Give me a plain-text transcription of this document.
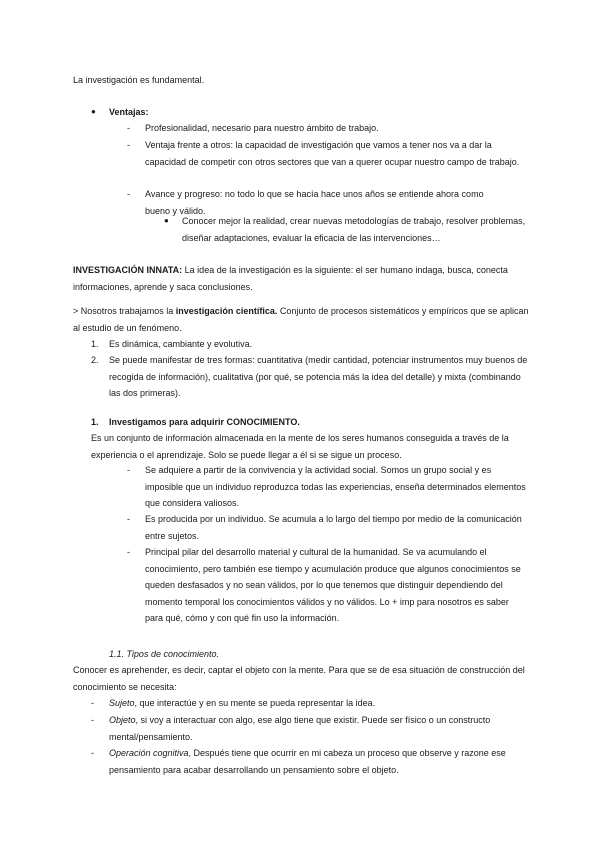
La investigación es fundamental.

● Ventajas:

- Profesionalidad, necesario para nuestro ámbito de trabajo.

- Ventaja frente a otros: la capacidad de investigación que vamos a tener nos va a dar la capacidad de competir con otros sectores que van a querer ocupar nuestro campo de trabajo.

- Avance y progreso: no todo lo que se hacía hace unos años se entiende ahora como bueno y válido.

● Conocer mejor la realidad, crear nuevas metodologías de trabajo, resolver problemas, diseñar adaptaciones, evaluar la eficacia de las intervenciones…

INVESTIGACIÓN INNATA: La idea de la investigación es la siguiente: el ser humano indaga, busca, conecta informaciones, aprende y saca conclusiones.

> Nosotros trabajamos la investigación científica. Conjunto de procesos sistemáticos y empíricos que se aplican al estudio de un fenómeno.

1. Es dinámica, cambiante y evolutiva.

2. Se puede manifestar de tres formas: cuantitativa (medir cantidad, potenciar instrumentos muy buenos de recogida de información), cualitativa (por qué, se potencia más la idea del detalle) y mixta (combinando las dos primeras).

1. Investigamos para adquirir CONOCIMIENTO.

Es un conjunto de información almacenada en la mente de los seres humanos conseguida a través de la experiencia o el aprendizaje. Solo se puede llegar a él si se sigue un proceso.

- Se adquiere a partir de la convivencia y la actividad social. Somos un grupo social y es imposible que un individuo reproduzca todas las experiencias, enseña determinados elementos que considera valiosos.

- Es producida por un individuo. Se acumula a lo largo del tiempo por medio de la comunicación entre sujetos.

- Principal pilar del desarrollo material y cultural de la humanidad. Se va acumulando el conocimiento, pero también ese tiempo y acumulación produce que algunos conocimientos se queden desfasados y no sean válidos, por lo que tenemos que distinguir dependiendo del momento temporal los conocimientos válidos y no válidos. Lo + imp para nosotros es saber para qué, cómo y con qué fin uso la información.

1.1. Tipos de conocimiento.

Conocer es aprehender, es decir, captar el objeto con la mente. Para que se de esa situación de construcción del conocimiento se necesita:

- Sujeto, que interactúe y en su mente se pueda representar la idea.

- Objeto, si voy a interactuar con algo, ese algo tiene que existir. Puede ser físico o un constructo mental/pensamiento.

- Operación cognitiva, Después tiene que ocurrir en mi cabeza un proceso que observe y razone ese pensamiento para acabar desarrollando un pensamiento sobre el objeto.
